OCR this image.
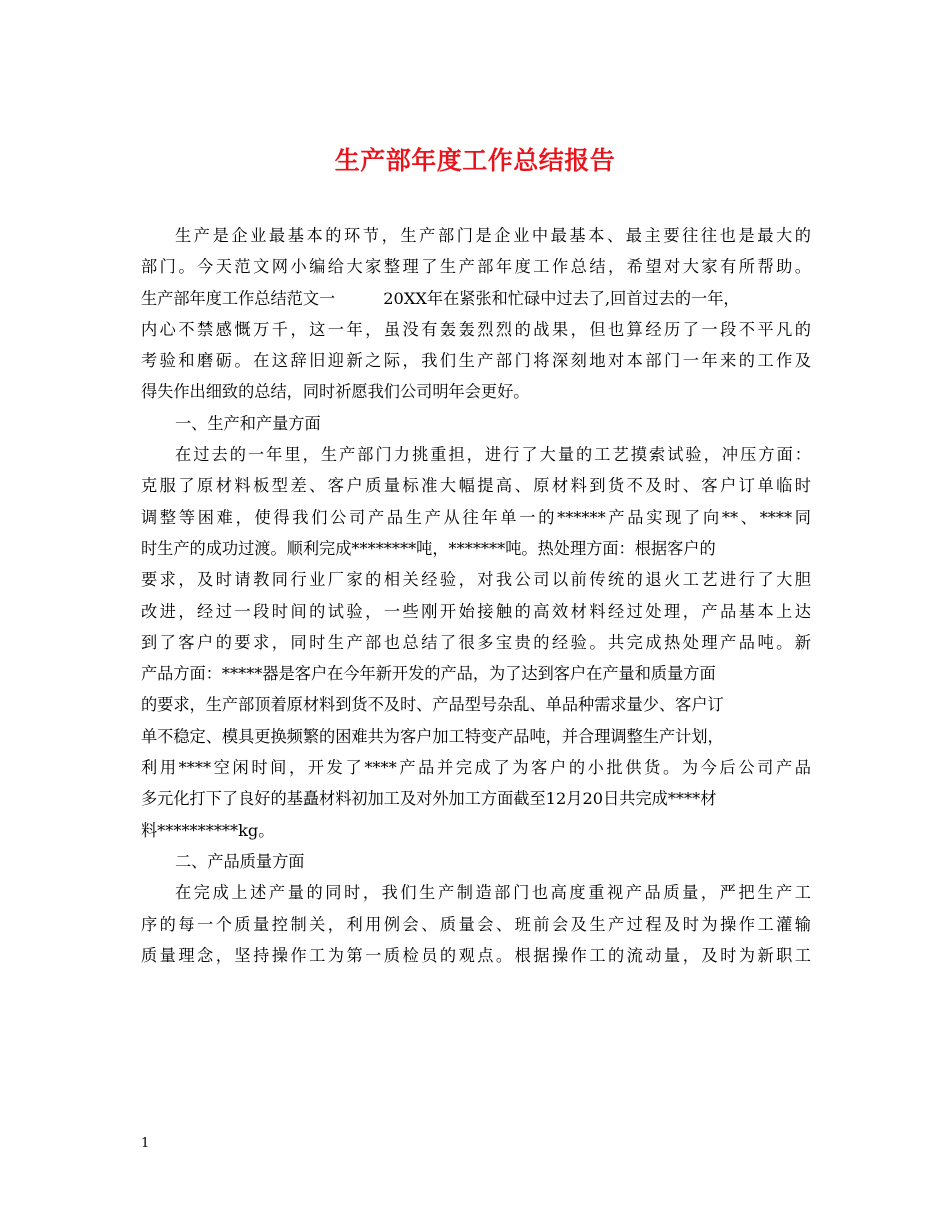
生产部年度工作总结报告
生产是企业最基本的环节，生产部门是企业中最基本、最主要往往也是最大的
部门。今天范文网小编给大家整理了生产部年度工作总结，希望对大家有所帮助。
生产部年度工作总结范文一	20XX年在紧张和忙碌中过去了,回首过去的一年，
内心不禁感慨万千，这一年，虽没有轰轰烈烈的战果，但也算经历了一段不平凡的
考验和磨砺。在这辞旧迎新之际，我们生产部门将深刻地对本部门一年来的工作及
得失作出细致的总结，同时祈愿我们公司明年会更好。
一、生产和产量方面
在过去的一年里，生产部门力挑重担，进行了大量的工艺摸索试验，冲压方面：
克服了原材料板型差、客户质量标准大幅提高、原材料到货不及时、客户订单临时
调整等困难，使得我们公司产品生产从往年单一的******产品实现了向**、****同
时生产的成功过渡。顺利完成********吨，*******吨。热处理方面：根据客户的
要求，及时请教同行业厂家的相关经验，对我公司以前传统的退火工艺进行了大胆
改进，经过一段时间的试验，一些刚开始接触的高效材料经过处理，产品基本上达
到了客户的要求，同时生产部也总结了很多宝贵的经验。共完成热处理产品吨。新
产品方面：*****器是客户在今年新开发的产品，为了达到客户在产量和质量方面
的要求，生产部顶着原材料到货不及时、产品型号杂乱、单品种需求量少、客户订
单不稳定、模具更换频繁的困难共为客户加工特变产品吨，并合理调整生产计划，
利用****空闲时间，开发了****产品并完成了为客户的小批供货。为今后公司产品
多元化打下了良好的基矗材料初加工及对外加工方面截至12月20日共完成****材
料**********kg。
二、产品质量方面
在完成上述产量的同时，我们生产制造部门也高度重视产品质量，严把生产工
序的每一个质量控制关，利用例会、质量会、班前会及生产过程及时为操作工灌输
质量理念，坚持操作工为第一质检员的观点。根据操作工的流动量，及时为新职工
1
